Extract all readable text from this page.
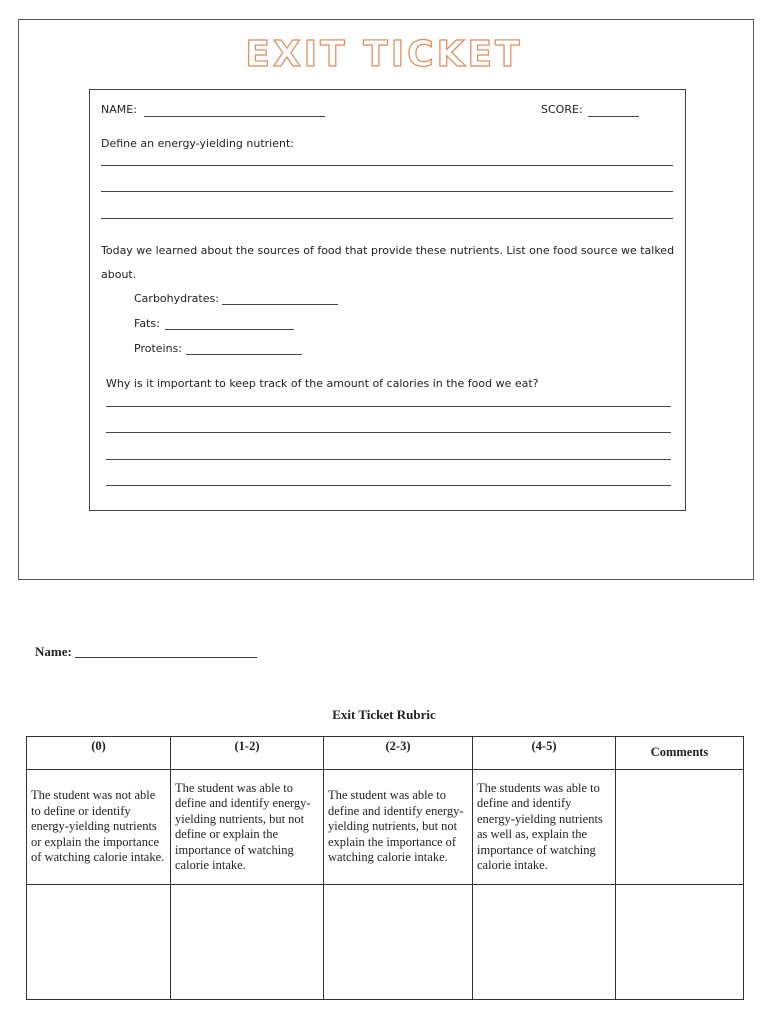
EXIT TICKET
NAME:	SCORE:
Define an energy-yielding nutrient:
Today we learned about the sources of food that provide these nutrients. List one food source we talked
about.
Carbohydrates:
Fats:
Proteins:
Why is it important to keep track of the amount of calories in the food we eat?
Name: ____________________________
Exit Ticket Rubric
(0)	(1-2)	(2-3)	(4-5)	Comments
The student was not able to define or identify energy-yielding nutrients or explain the importance of watching calorie intake.	The student was able to define and identify energy-yielding nutrients, but not define or explain the importance of watching calorie intake.	The student was able to define and identify energy-yielding nutrients, but not explain the importance of watching calorie intake.	The students was able to define and identify energy-yielding nutrients as well as, explain the importance of watching calorie intake.	
